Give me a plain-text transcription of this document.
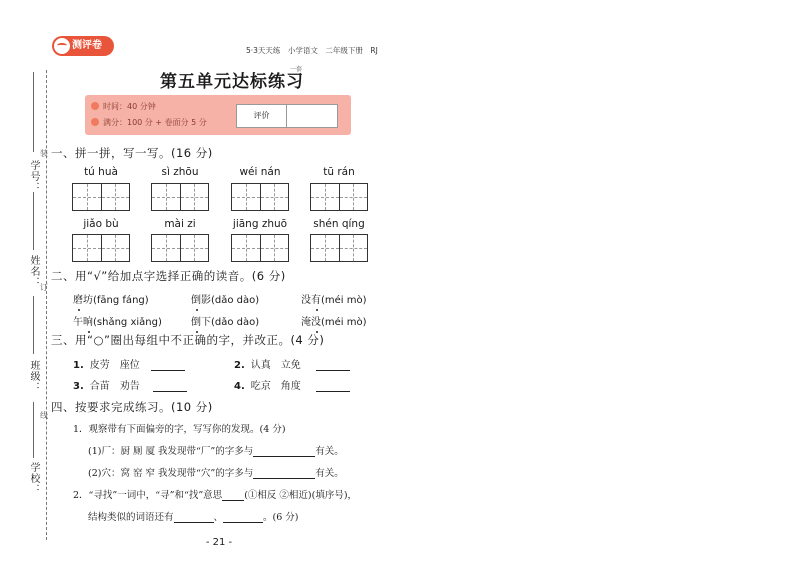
装
订
线
学号：
姓名：
班级：
学校：
测评卷	5·3天天练　小学语文　二年级下册　RJ
第五单元达标练习
一套
时间：40 分钟
满分：100 分 + 卷面分 5 分
评价
一、拼一拼，写一写。(16 分)
tú huà	sì zhōu	wéi nán	tū rán
jiǎo bù	mài zi	jiāng zhuō	shén qíng
二、用“√”给加点字选择正确的读音。(6 分)
磨坊(fāng fáng)	倒影(dǎo dào)	没有(méi mò)
午晌(shǎng xiǎng)	倒下(dǎo dào)	淹没(méi mò)
三、用“○”圈出每组中不正确的字，并改正。(4 分)
1. 皮劳 座位	2. 认真 立免
3. 合苗 劝告	4. 吃京 角度
四、按要求完成练习。(10 分)
1．观察带有下面偏旁的字，写写你的发现。(4 分)
(1)厂：厨 厕 厦 我发现带“厂”的字多与	有关。
(2)穴：窝 窑 窄 我发现带“穴”的字多与	有关。
2．“寻找”一词中，“寻”和“找”意思 (①相反 ②相近)(填序号)，
结构类似的词语还有	、	。(6 分)
- 21 -
